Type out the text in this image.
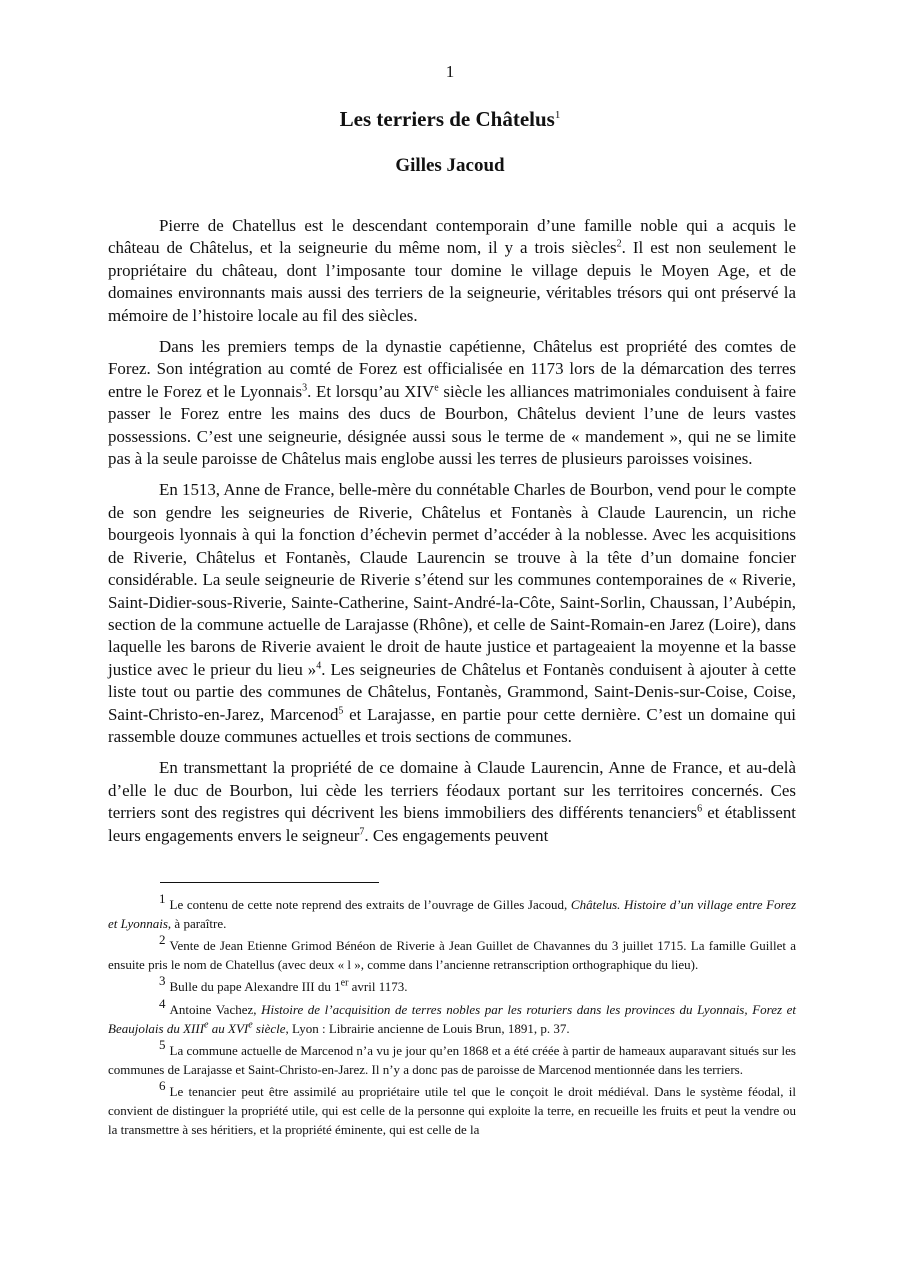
1
Les terriers de Châtelus$^1$
Gilles Jacoud

Pierre de Chatellus est le descendant contemporain d’une famille noble qui a acquis le château de Châtelus, et la seigneurie du même nom, il y a trois siècles$^2$. Il est non seulement le propriétaire du château, dont l’imposante tour domine le village depuis le Moyen Age, et de domaines environnants mais aussi des terriers de la seigneurie, véritables trésors qui ont préservé la mémoire de l’histoire locale au fil des siècles.

Dans les premiers temps de la dynastie capétienne, Châtelus est propriété des comtes de Forez. Son intégration au comté de Forez est officialisée en 1173 lors de la démarcation des terres entre le Forez et le Lyonnais$^3$. Et lorsqu’au XIVe siècle les alliances matrimoniales conduisent à faire passer le Forez entre les mains des ducs de Bourbon, Châtelus devient l’une de leurs vastes possessions. C’est une seigneurie, désignée aussi sous le terme de « mandement », qui ne se limite pas à la seule paroisse de Châtelus mais englobe aussi les terres de plusieurs paroisses voisines.

En 1513, Anne de France, belle-mère du connétable Charles de Bourbon, vend pour le compte de son gendre les seigneuries de Riverie, Châtelus et Fontanès à Claude Laurencin, un riche bourgeois lyonnais à qui la fonction d’échevin permet d’accéder à la noblesse. Avec les acquisitions de Riverie, Châtelus et Fontanès, Claude Laurencin se trouve à la tête d’un domaine foncier considérable. La seule seigneurie de Riverie s’étend sur les communes contemporaines de « Riverie, Saint-Didier-sous-Riverie, Sainte-Catherine, Saint-André-la-Côte, Saint-Sorlin, Chaussan, l’Aubépin, section de la commune actuelle de Larajasse (Rhône), et celle de Saint-Romain-en Jarez (Loire), dans laquelle les barons de Riverie avaient le droit de haute justice et partageaient la moyenne et la basse justice avec le prieur du lieu »$^4$. Les seigneuries de Châtelus et Fontanès conduisent à ajouter à cette liste tout ou partie des communes de Châtelus, Fontanès, Grammond, Saint-Denis-sur-Coise, Coise, Saint-Christo-en-Jarez, Marcenod$^5$ et Larajasse, en partie pour cette dernière. C’est un domaine qui rassemble douze communes actuelles et trois sections de communes.

En transmettant la propriété de ce domaine à Claude Laurencin, Anne de France, et au-delà d’elle le duc de Bourbon, lui cède les terriers féodaux portant sur les territoires concernés. Ces terriers sont des registres qui décrivent les biens immobiliers des différents tenanciers$^6$ et établissent leurs engagements envers le seigneur$^7$. Ces engagements peuvent

1 Le contenu de cette note reprend des extraits de l’ouvrage de Gilles Jacoud, Châtelus. Histoire d’un village entre Forez et Lyonnais, à paraître.

2 Vente de Jean Etienne Grimod Bénéon de Riverie à Jean Guillet de Chavannes du 3 juillet 1715. La famille Guillet a ensuite pris le nom de Chatellus (avec deux « l », comme dans l’ancienne retranscription orthographique du lieu).

3 Bulle du pape Alexandre III du 1er avril 1173.

4 Antoine Vachez, Histoire de l’acquisition de terres nobles par les roturiers dans les provinces du Lyonnais, Forez et Beaujolais du XIIIe au XVIe siècle, Lyon : Librairie ancienne de Louis Brun, 1891, p. 37.

5 La commune actuelle de Marcenod n’a vu je jour qu’en 1868 et a été créée à partir de hameaux auparavant situés sur les communes de Larajasse et Saint-Christo-en-Jarez. Il n’y a donc pas de paroisse de Marcenod mentionnée dans les terriers.

6 Le tenancier peut être assimilé au propriétaire utile tel que le conçoit le droit médiéval. Dans le système féodal, il convient de distinguer la propriété utile, qui est celle de la personne qui exploite la terre, en recueille les fruits et peut la vendre ou la transmettre à ses héritiers, et la propriété éminente, qui est celle de la
